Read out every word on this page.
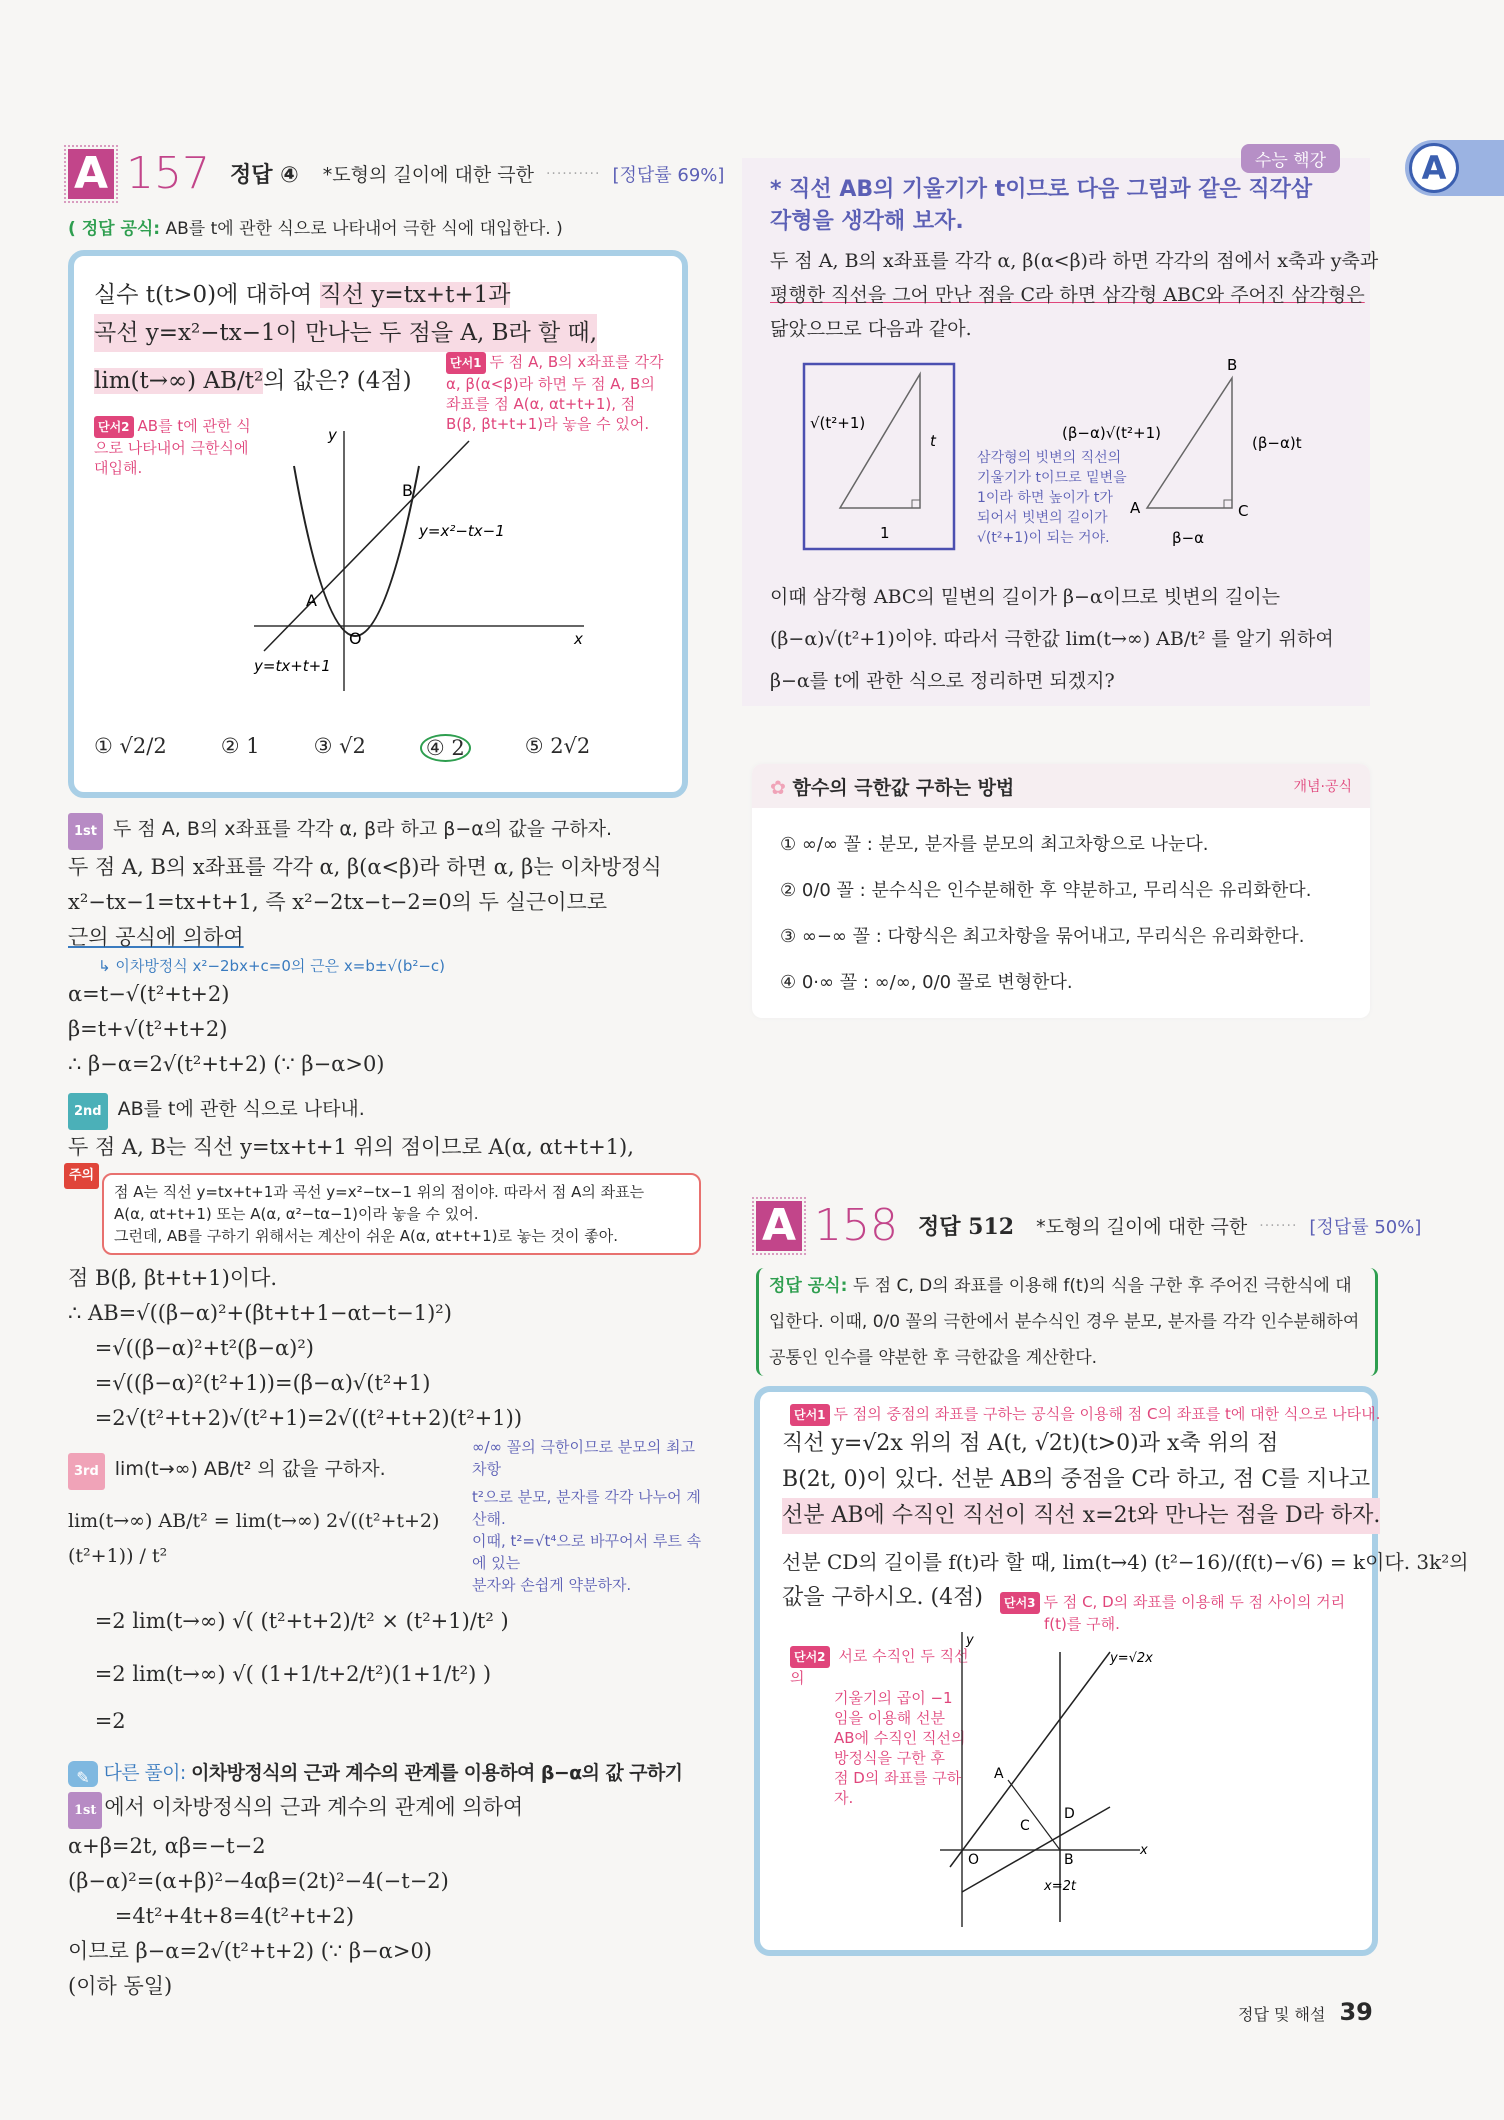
A 157 정답 ④ *도형의 길이에 대한 극한 ·········· [정답률 69%]
( 정답 공식: AB를 t에 관한 식으로 나타내어 극한 식에 대입한다. )
실수 t(t>0)에 대하여 직선 y=tx+t+1과
곡선 y=x²−tx−1이 만나는 두 점을 A, B라 할 때,
lim(t→∞) AB/t²의 값은? (4점)
단서1 두 점 A, B의 x좌표를 각각 α, β(α<β)라 하면 두 점 A, B의 좌표를 점 A(α, αt+t+1), 점 B(β, βt+t+1)라 놓을 수 있어.
단서2 AB를 t에 관한 식으로 나타내어 극한식에 대입해.
y
x
O
A
B
y=x²−tx−1
y=tx+t+1
① √2/2	② 1	③ √2	④ 2	⑤ 2√2
1st 두 점 A, B의 x좌표를 각각 α, β라 하고 β−α의 값을 구하자.
두 점 A, B의 x좌표를 각각 α, β(α<β)라 하면 α, β는 이차방정식
x²−tx−1=tx+t+1, 즉 x²−2tx−t−2=0의 두 실근이므로
근의 공식에 의하여
↳ 이차방정식 x²−2bx+c=0의 근은 x=b±√(b²−c)
α=t−√(t²+t+2)
β=t+√(t²+t+2)
∴ β−α=2√(t²+t+2) (∵ β−α>0)
2nd AB를 t에 관한 식으로 나타내.
두 점 A, B는 직선 y=tx+t+1 위의 점이므로 A(α, αt+t+1),
주의
점 A는 직선 y=tx+t+1과 곡선 y=x²−tx−1 위의 점이야. 따라서 점 A의 좌표는
A(α, αt+t+1) 또는 A(α, α²−tα−1)이라 놓을 수 있어.
그런데, AB를 구하기 위해서는 계산이 쉬운 A(α, αt+t+1)로 놓는 것이 좋아.
점 B(β, βt+t+1)이다.
∴ AB=√((β−α)²+(βt+t+1−αt−t−1)²)
=√((β−α)²+t²(β−α)²)
=√((β−α)²(t²+1))=(β−α)√(t²+1)
=2√(t²+t+2)√(t²+1)=2√((t²+t+2)(t²+1))
3rd lim(t→∞) AB/t² 의 값을 구하자.
lim(t→∞) AB/t² = lim(t→∞) 2√((t²+t+2)(t²+1)) / t²
=2 lim(t→∞) √( (t²+t+2)/t² × (t²+1)/t² )
=2 lim(t→∞) √( (1+1/t+2/t²)(1+1/t²) )
=2
∞/∞ 꼴의 극한이므로 분모의 최고차항
t²으로 분모, 분자를 각각 나누어 계산해.
이때, t²=√t⁴으로 바꾸어서 루트 속에 있는
분자와 손쉽게 약분하자.
✎ 다른 풀이: 이차방정식의 근과 계수의 관계를 이용하여 β−α의 값 구하기
1st 에서 이차방정식의 근과 계수의 관계에 의하여
α+β=2t, αβ=−t−2
(β−α)²=(α+β)²−4αβ=(2t)²−4(−t−2)
=4t²+4t+8=4(t²+t+2)
이므로 β−α=2√(t²+t+2) (∵ β−α>0)
(이하 동일)
수능 핵강
* 직선 AB의 기울기가 t이므로 다음 그림과 같은 직각삼각형을 생각해 보자.
두 점 A, B의 x좌표를 각각 α, β(α<β)라 하면 각각의 점에서 x축과 y축과
평행한 직선을 그어 만난 점을 C라 하면 삼각형 ABC와 주어진 삼각형은
닮았으므로 다음과 같아.
√(t²+1)
t
1
B
A	C
(β−α)√(t²+1)
(β−α)t
β−α
삼각형의 빗변의 직선의
기울기가 t이므로 밑변을
1이라 하면 높이가 t가
되어서 빗변의 길이가
√(t²+1)이 되는 거야.
이때 삼각형 ABC의 밑변의 길이가 β−α이므로 빗변의 길이는
(β−α)√(t²+1)이야. 따라서 극한값 lim(t→∞) AB/t² 를 알기 위하여
β−α를 t에 관한 식으로 정리하면 되겠지?
A
✿ 함수의 극한값 구하는 방법	개념·공식
① ∞/∞ 꼴 : 분모, 분자를 분모의 최고차항으로 나눈다.
② 0/0 꼴 : 분수식은 인수분해한 후 약분하고, 무리식은 유리화한다.
③ ∞−∞ 꼴 : 다항식은 최고차항을 묶어내고, 무리식은 유리화한다.
④ 0·∞ 꼴 : ∞/∞, 0/0 꼴로 변형한다.
A 158 정답 512 *도형의 길이에 대한 극한 ······· [정답률 50%]
정답 공식: 두 점 C, D의 좌표를 이용해 f(t)의 식을 구한 후 주어진 극한식에 대입한다. 이때, 0/0 꼴의 극한에서 분수식인 경우 분모, 분자를 각각 인수분해하여 공통인 인수를 약분한 후 극한값을 계산한다.
단서1 두 점의 중점의 좌표를 구하는 공식을 이용해 점 C의 좌표를 t에 대한 식으로 나타내.
직선 y=√2x 위의 점 A(t, √2t)(t>0)과 x축 위의 점
B(2t, 0)이 있다. 선분 AB의 중점을 C라 하고, 점 C를 지나고
선분 AB에 수직인 직선이 직선 x=2t와 만나는 점을 D라 하자.
선분 CD의 길이를 f(t)라 할 때, lim(t→4) (t²−16)/(f(t)−√6) = k이다. 3k²의
값을 구하시오. (4점)
단서2 서로 수직인 두 직선의
기울기의 곱이 −1
임을 이용해 선분
AB에 수직인 직선의
방정식을 구한 후
점 D의 좌표를 구하자.
단서3 두 점 C, D의 좌표를 이용해 두 점 사이의 거리
f(t)를 구해.
y
x
O
A
B
C
D
y=√2x
x=2t
정답 및 해설 39
